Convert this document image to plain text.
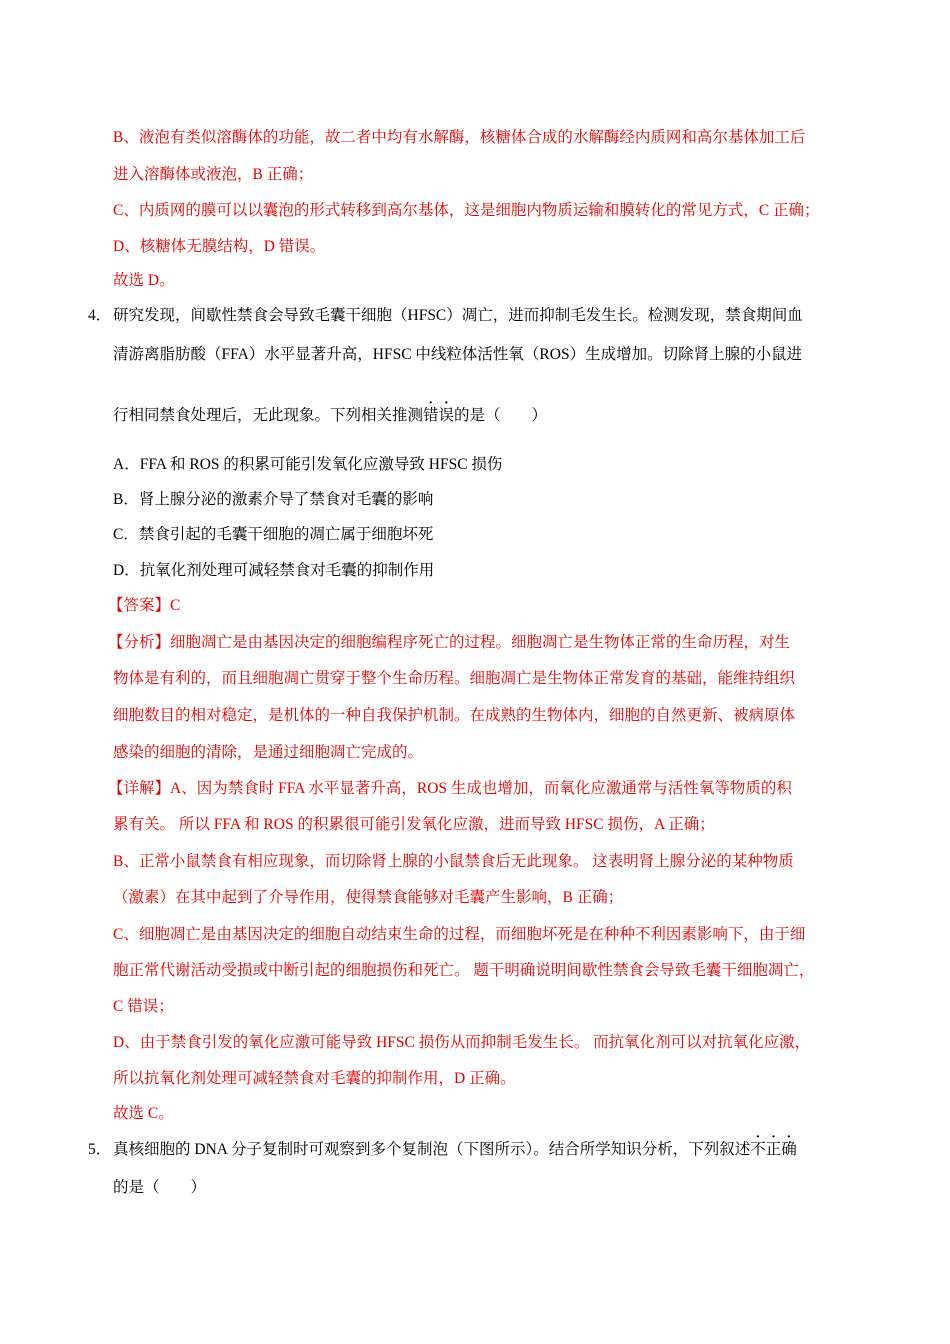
B、液泡有类似溶酶体的功能，故二者中均有水解酶，核糖体合成的水解酶经内质网和高尔基体加工后
进入溶酶体或液泡，B 正确；
C、内质网的膜可以以囊泡的形式转移到高尔基体，这是细胞内物质运输和膜转化的常见方式，C 正确；
D、核糖体无膜结构，D 错误。
故选 D。
4． 研究发现，间歇性禁食会导致毛囊干细胞（HFSC）凋亡，进而抑制毛发生长。检测发现，禁食期间血
清游离脂肪酸（FFA）水平显著升高，HFSC 中线粒体活性氧（ROS）生成增加。切除肾上腺的小鼠进
行相同禁食处理后，无此现象。下列相关推测错误的是（　　）
A．FFA 和 ROS 的积累可能引发氧化应激导致 HFSC 损伤
B．肾上腺分泌的激素介导了禁食对毛囊的影响
C．禁食引起的毛囊干细胞的凋亡属于细胞坏死
D．抗氧化剂处理可减轻禁食对毛囊的抑制作用
【答案】C
【分析】细胞凋亡是由基因决定的细胞编程序死亡的过程。细胞凋亡是生物体正常的生命历程，对生
物体是有利的，而且细胞凋亡贯穿于整个生命历程。细胞凋亡是生物体正常发育的基础，能维持组织
细胞数目的相对稳定，是机体的一种自我保护机制。在成熟的生物体内，细胞的自然更新、被病原体
感染的细胞的清除，是通过细胞凋亡完成的。
【详解】A、因为禁食时 FFA 水平显著升高，ROS 生成也增加，而氧化应激通常与活性氧等物质的积
累有关。 所以 FFA 和 ROS 的积累很可能引发氧化应激，进而导致 HFSC 损伤，A 正确；
B、正常小鼠禁食有相应现象，而切除肾上腺的小鼠禁食后无此现象。 这表明肾上腺分泌的某种物质
（激素）在其中起到了介导作用，使得禁食能够对毛囊产生影响，B 正确；
C、细胞凋亡是由基因决定的细胞自动结束生命的过程，而细胞坏死是在种种不利因素影响下，由于细
胞正常代谢活动受损或中断引起的细胞损伤和死亡。 题干明确说明间歇性禁食会导致毛囊干细胞凋亡，
C 错误；
D、由于禁食引发的氧化应激可能导致 HFSC 损伤从而抑制毛发生长。 而抗氧化剂可以对抗氧化应激，
所以抗氧化剂处理可减轻禁食对毛囊的抑制作用，D 正确。
故选 C。
5． 真核细胞的 DNA 分子复制时可观察到多个复制泡（下图所示）。结合所学知识分析，下列叙述不正确
的是（　　）
